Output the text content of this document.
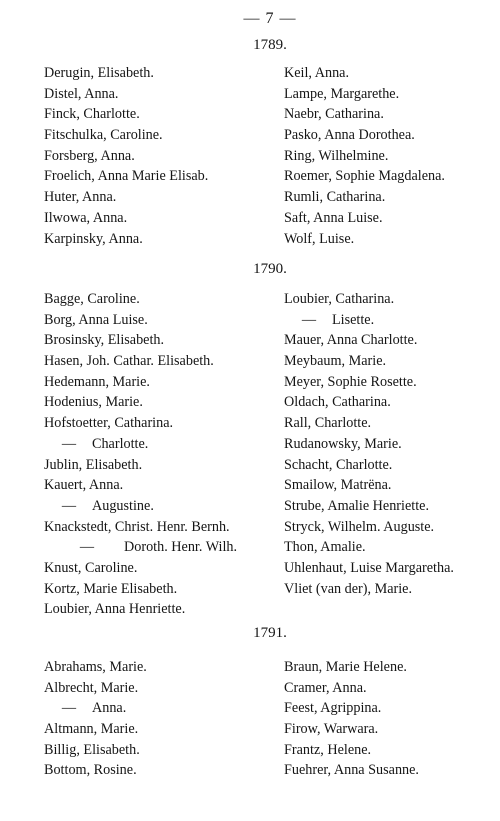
— 7 —
1789.
Derugin, Elisabeth.
Distel, Anna.
Finck, Charlotte.
Fitschulka, Caroline.
Forsberg, Anna.
Froelich, Anna Marie Elisab.
Huter, Anna.
Ilwowa, Anna.
Karpinsky, Anna.
Keil, Anna.
Lampe, Margarethe.
Naebr, Catharina.
Pasko, Anna Dorothea.
Ring, Wilhelmine.
Roemer, Sophie Magdalena.
Rumli, Catharina.
Saft, Anna Luise.
Wolf, Luise.
1790.
Bagge, Caroline.
Borg, Anna Luise.
Brosinsky, Elisabeth.
Hasen, Joh. Cathar. Elisabeth.
Hedemann, Marie.
Hodenius, Marie.
Hofstoetter, Catharina.
— Charlotte.
Jublin, Elisabeth.
Kauert, Anna.
— Augustine.
Knackstedt, Christ. Henr. Bernh.
— Doroth. Henr. Wilh.
Knust, Caroline.
Kortz, Marie Elisabeth.
Loubier, Anna Henriette.
Loubier, Catharina.
— Lisette.
Mauer, Anna Charlotte.
Meybaum, Marie.
Meyer, Sophie Rosette.
Oldach, Catharina.
Rall, Charlotte.
Rudanowsky, Marie.
Schacht, Charlotte.
Smailow, Matrëna.
Strube, Amalie Henriette.
Stryck, Wilhelm. Auguste.
Thon, Amalie.
Uhlenhaut, Luise Margaretha.
Vliet (van der), Marie.
1791.
Abrahams, Marie.
Albrecht, Marie.
— Anna.
Altmann, Marie.
Billig, Elisabeth.
Bottom, Rosine.
Braun, Marie Helene.
Cramer, Anna.
Feest, Agrippina.
Firow, Warwara.
Frantz, Helene.
Fuehrer, Anna Susanne.
